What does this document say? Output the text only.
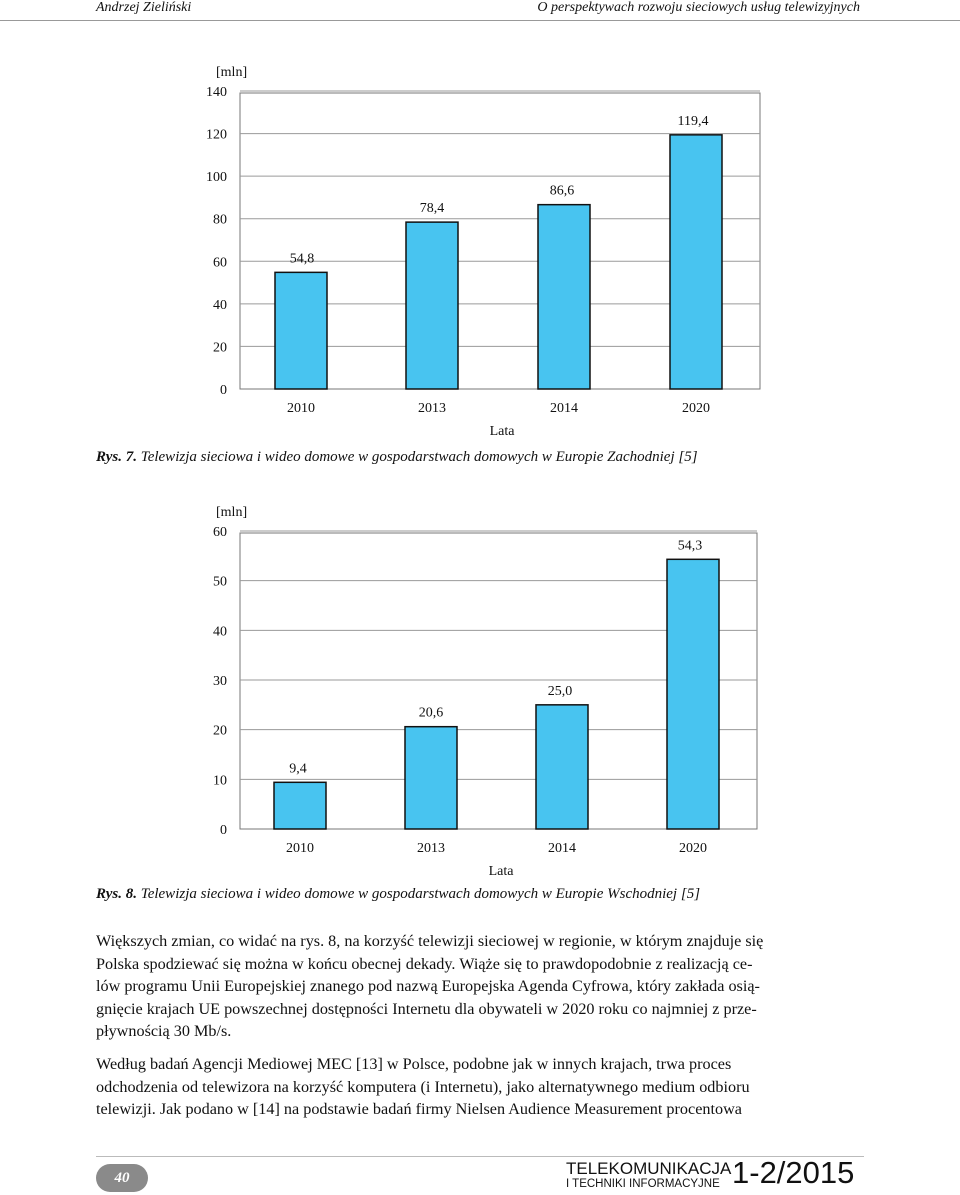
Andrzej Zieliński	O perspektywach rozwoju sieciowych usług telewizyjnych
0
20
40
60
80
100
120
140
[mln]
54,8
2010
78,4
2013
86,6
2014
119,4
2020
Lata
Rys. 7. Telewizja sieciowa i wideo domowe w gospodarstwach domowych w Europie Zachodniej [5]
0
10
20
30
40
50
60
[mln]
9,4
2010
20,6
2013
25,0
2014
54,3
2020
Lata
Rys. 8. Telewizja sieciowa i wideo domowe w gospodarstwach domowych w Europie Wschodniej [5]
Większych zmian, co widać na rys. 8, na korzyść telewizji sieciowej w regionie, w którym znajduje się
Polska spodziewać się można w końcu obecnej dekady. Wiąże się to prawdopodobnie z realizacją ce-
lów programu Unii Europejskiej znanego pod nazwą Europejska Agenda Cyfrowa, który zakłada osią-
gnięcie krajach UE powszechnej dostępności Internetu dla obywateli w 2020 roku co najmniej z prze-
pływnością 30 Mb/s.
Według badań Agencji Mediowej MEC [13] w Polsce, podobne jak w innych krajach, trwa proces
odchodzenia od telewizora na korzyść komputera (i Internetu), jako alternatywnego medium odbioru
telewizji. Jak podano w [14] na podstawie badań firmy Nielsen Audience Measurement procentowa
40	TELEKOMUNIKACJA
I TECHNIKI INFORMACYJNE 1-2/2015
